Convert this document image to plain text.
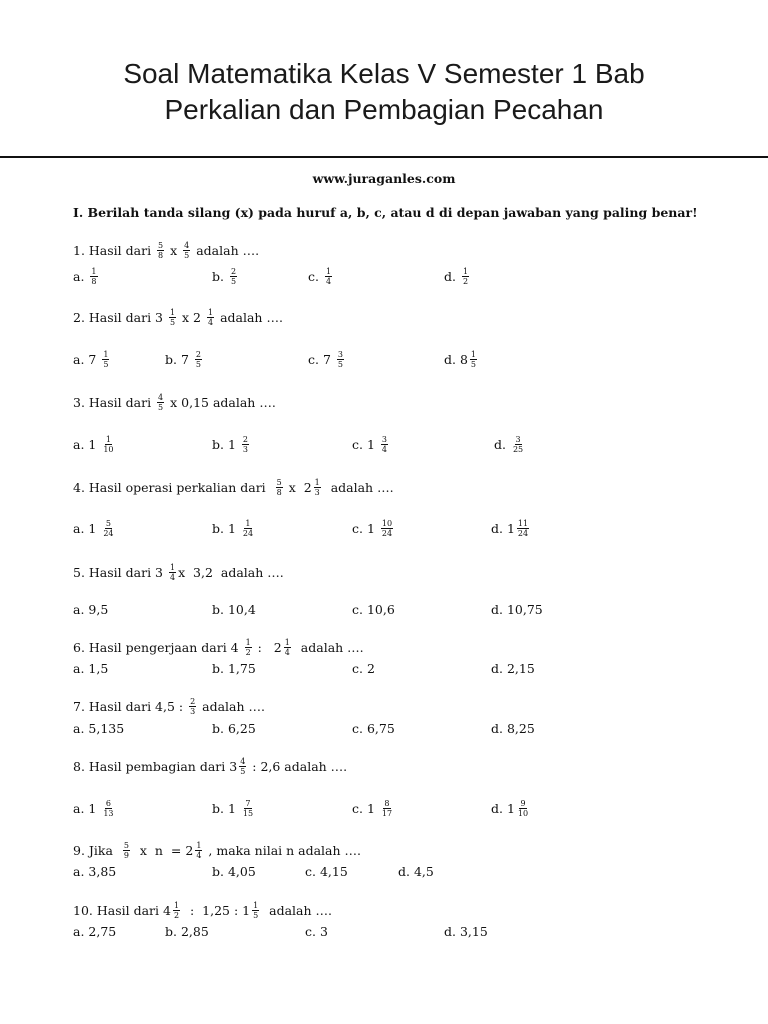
Soal Matematika Kelas V Semester 1 Bab
Perkalian dan Pembagian Pecahan
www.juraganles.com
I. Berilah tanda silang (x) pada huruf a, b, c, atau d di depan jawaban yang paling benar!
1. Hasil dari $\frac{5}{8}$ x $\frac{4}{5}$ adalah ….
a. $\frac{1}{8}$	b. $\frac{2}{5}$	c. $\frac{1}{4}$	d. $\frac{1}{2}$
2. Hasil dari $3 \frac{1}{5}$ x $2 \frac{1}{4}$ adalah ….
a. $7 \frac{1}{5}$	b. $7 \frac{2}{5}$	c. $7 \frac{3}{5}$	d. $8 \frac{1}{5}$
3. Hasil dari $\frac{4}{5}$ x 0,15 adalah ….
a. $1 \frac{1}{10}$	b. $1 \frac{2}{3}$	c. $1 \frac{3}{4}$	d. $\frac{3}{25}$
4. Hasil operasi perkalian dari $\frac{5}{8}$ x  $2 \frac{1}{3}$ adalah ….
a. $1 \frac{5}{24}$	b. $1 \frac{1}{24}$	c. $1 \frac{10}{24}$	d. $1 \frac{11}{24}$
5. Hasil dari $3 \frac{1}{4}$ x  3,2  adalah ….
a. 9,5	b. 10,4	c. 10,6	d. 10,75
6. Hasil pengerjaan dari $4 \frac{1}{2}$ :   $2 \frac{1}{4}$ adalah ….
a. 1,5	b. 1,75	c. 2	d. 2,15
7. Hasil dari 4,5 : $\frac{2}{3}$ adalah ….
a. 5,135	b. 6,25	c. 6,75	d. 8,25
8. Hasil pembagian dari $3 \frac{4}{5}$ : 2,6 adalah ….
a. $1 \frac{6}{13}$	b. $1 \frac{7}{15}$	c. $1 \frac{8}{17}$	d. $1 \frac{9}{10}$
9. Jika $\frac{5}{9}$ x  $n = 2 \frac{1}{4}$ , maka nilai n adalah ….
a. 3,85	b. 4,05	c. 4,15	d. 4,5
10. Hasil dari $4 \frac{1}{2}$ :  1,25 : $1 \frac{1}{5}$ adalah ….
a. 2,75	b. 2,85	c. 3	d. 3,15
